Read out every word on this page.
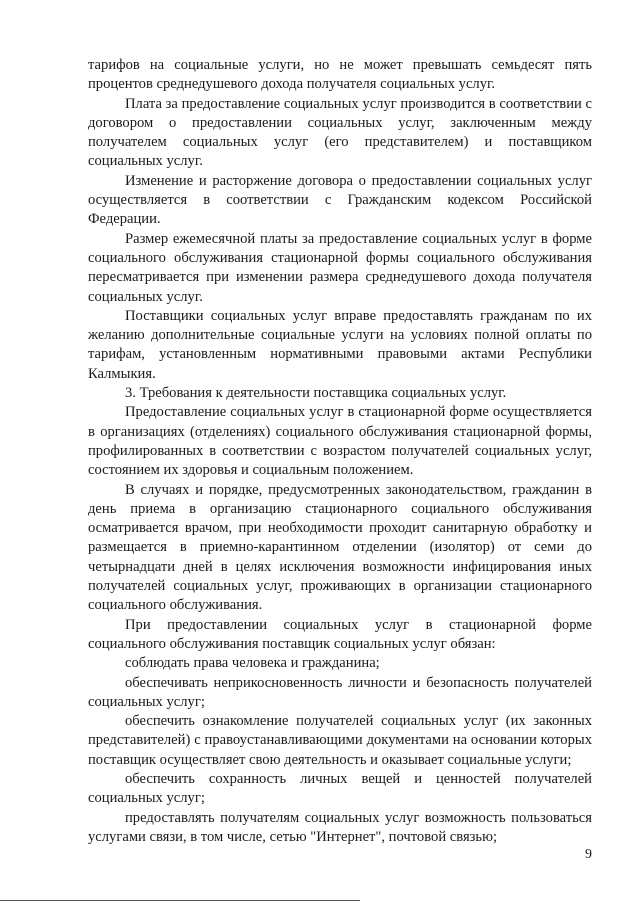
тарифов на социальные услуги, но не может превышать семьдесят пять процентов среднедушевого дохода получателя социальных услуг.

Плата за предоставление социальных услуг производится в соответствии с договором о предоставлении социальных услуг, заключенным между получателем социальных услуг (его представителем) и поставщиком социальных услуг.

Изменение и расторжение договора о предоставлении социальных услуг осуществляется в соответствии с Гражданским кодексом Российской Федерации.

Размер ежемесячной платы за предоставление социальных услуг в форме социального обслуживания стационарной формы социального обслуживания пересматривается при изменении размера среднедушевого дохода получателя социальных услуг.

Поставщики социальных услуг вправе предоставлять гражданам по их желанию дополнительные социальные услуги на условиях полной оплаты по тарифам, установленным нормативными правовыми актами Республики Калмыкия.

3. Требования к деятельности поставщика социальных услуг.

Предоставление социальных услуг в стационарной форме осуществляется в организациях (отделениях) социального обслуживания стационарной формы, профилированных в соответствии с возрастом получателей социальных услуг, состоянием их здоровья и социальным положением.

В случаях и порядке, предусмотренных законодательством, гражданин в день приема в организацию стационарного социального обслуживания осматривается врачом, при необходимости проходит санитарную обработку и размещается в приемно-карантинном отделении (изолятор) от семи до четырнадцати дней в целях исключения возможности инфицирования иных получателей социальных услуг, проживающих в организации стационарного социального обслуживания.

При предоставлении социальных услуг в стационарной форме социального обслуживания поставщик социальных услуг обязан:

соблюдать права человека и гражданина;

обеспечивать неприкосновенность личности и безопасность получателей социальных услуг;

обеспечить ознакомление получателей социальных услуг (их законных представителей) с правоустанавливающими документами на основании которых поставщик осуществляет свою деятельность и оказывает социальные услуги;

обеспечить сохранность личных вещей и ценностей получателей социальных услуг;

предоставлять получателям социальных услуг возможность пользоваться услугами связи, в том числе, сетью "Интернет", почтовой связью;

9
